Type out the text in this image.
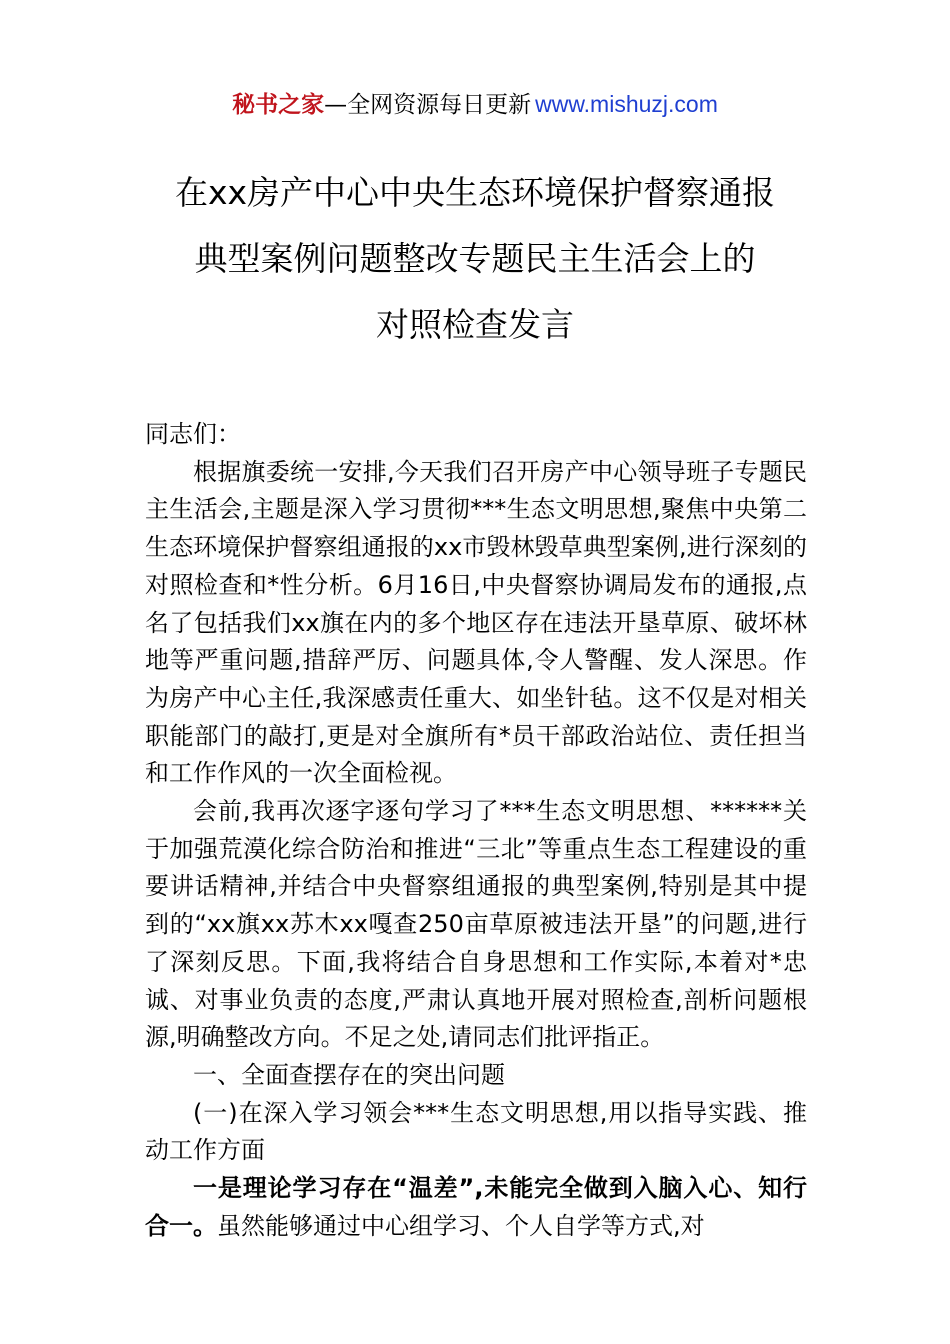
秘书之家—全网资源每日更新 www.mishuzj.com
在xx房产中心中央生态环境保护督察通报
典型案例问题整改专题民主生活会上的
对照检查发言

同志们：

根据旗委统一安排,今天我们召开房产中心领导班子专题民主生活会,主题是深入学习贯彻***生态文明思想,聚焦中央第二生态环境保护督察组通报的xx市毁林毁草典型案例,进行深刻的对照检查和*性分析。6月16日,中央督察协调局发布的通报,点名了包括我们xx旗在内的多个地区存在违法开垦草原、破坏林地等严重问题,措辞严厉、问题具体,令人警醒、发人深思。作为房产中心主任,我深感责任重大、如坐针毡。这不仅是对相关职能部门的敲打,更是对全旗所有*员干部政治站位、责任担当和工作作风的一次全面检视。

会前,我再次逐字逐句学习了***生态文明思想、******关于加强荒漠化综合防治和推进“三北”等重点生态工程建设的重要讲话精神,并结合中央督察组通报的典型案例,特别是其中提到的“xx旗xx苏木xx嘎查250亩草原被违法开垦”的问题,进行了深刻反思。下面,我将结合自身思想和工作实际,本着对*忠诚、对事业负责的态度,严肃认真地开展对照检查,剖析问题根源,明确整改方向。不足之处,请同志们批评指正。

一、全面查摆存在的突出问题

(一)在深入学习领会***生态文明思想,用以指导实践、推动工作方面

一是理论学习存在“温差”,未能完全做到入脑入心、知行合一。虽然能够通过中心组学习、个人自学等方式,对
